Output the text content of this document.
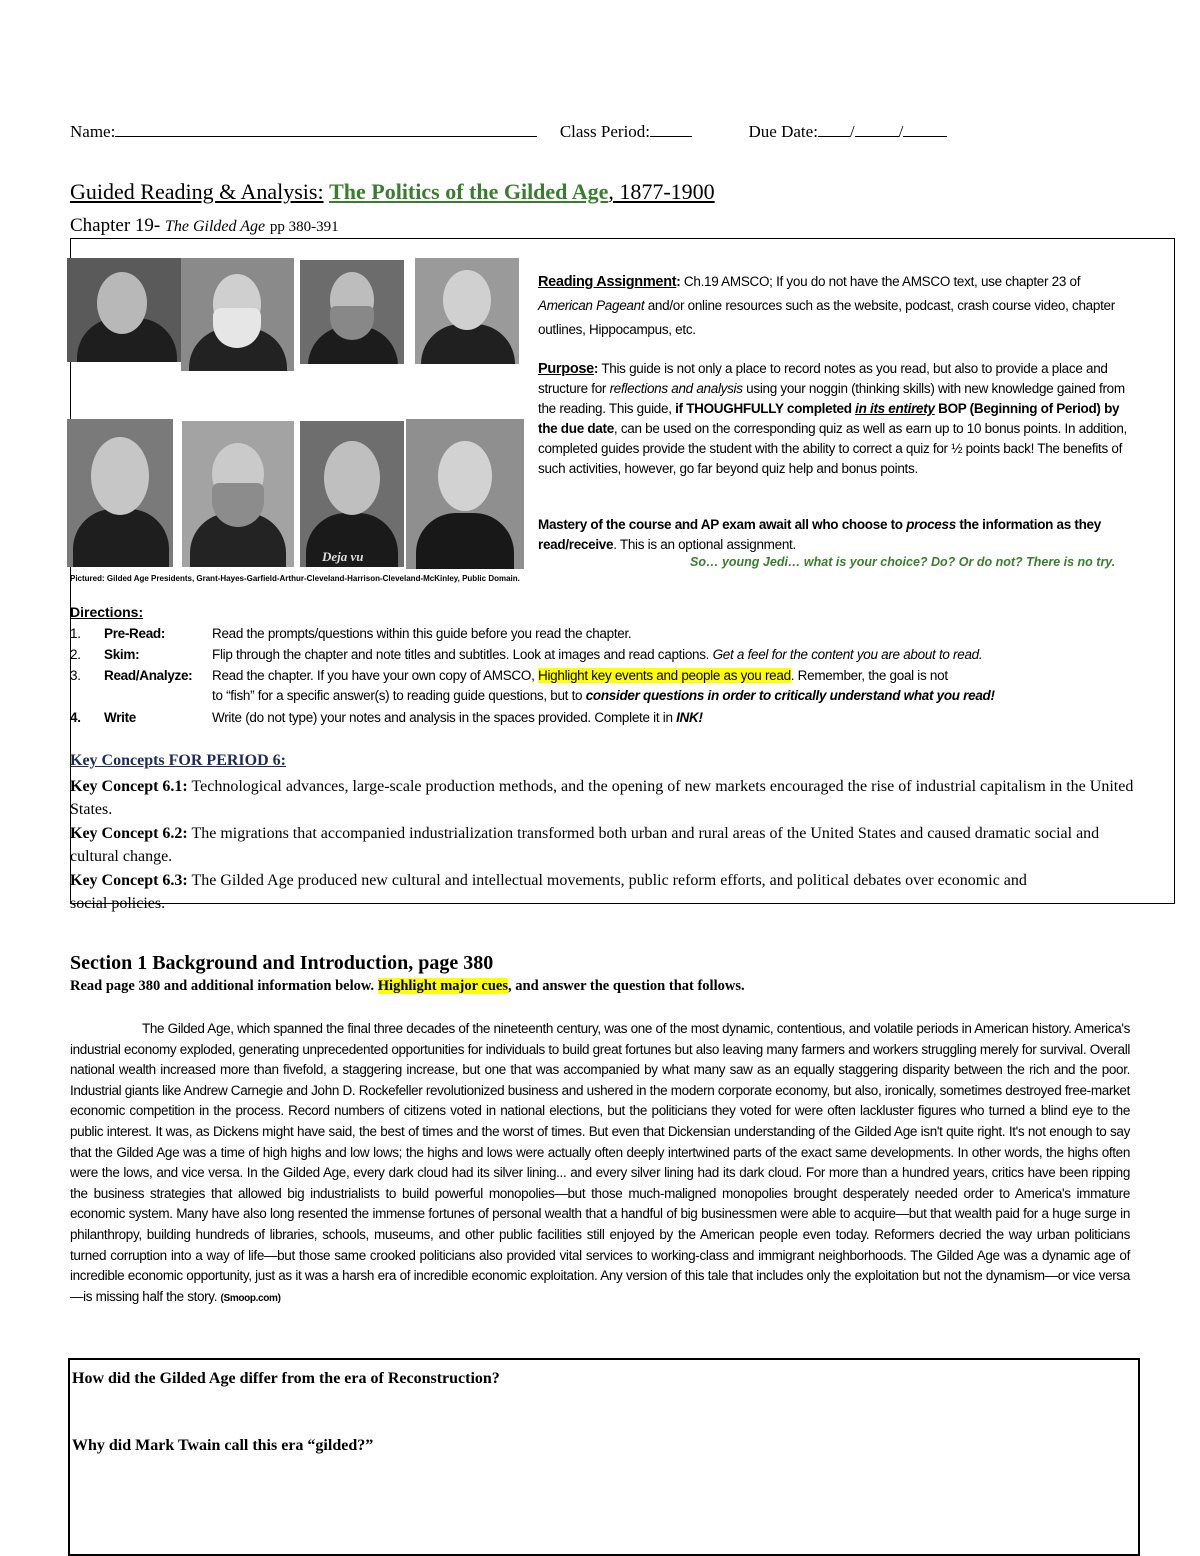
Name:	Class Period:	Due Date: /	/
Guided Reading & Analysis: The Politics of the Gilded Age, 1877-1900
Chapter 19- The Gilded Age pp 380-391
Deja vu
Pictured: Gilded Age Presidents, Grant-Hayes-Garfield-Arthur-Cleveland-Harrison-Cleveland-McKinley, Public Domain.
Reading Assignment: Ch.19 AMSCO; If you do not have the AMSCO text, use chapter 23 of American Pageant and/or online resources such as the website, podcast, crash course video, chapter outlines, Hippocampus, etc.
Purpose: This guide is not only a place to record notes as you read, but also to provide a place and structure for reflections and analysis using your noggin (thinking skills) with new knowledge gained from the reading. This guide, if THOUGHFULLY completed in its entirety BOP (Beginning of Period) by the due date, can be used on the corresponding quiz as well as earn up to 10 bonus points. In addition, completed guides provide the student with the ability to correct a quiz for ½ points back! The benefits of such activities, however, go far beyond quiz help and bonus points.
Mastery of the course and AP exam await all who choose to process the information as they read/receive. This is an optional assignment.
So… young Jedi… what is your choice? Do? Or do not? There is no try.
Directions:
1. Pre-Read:	Read the prompts/questions within this guide before you read the chapter.
2. Skim:	Flip through the chapter and note titles and subtitles. Look at images and read captions. Get a feel for the content you are about to read.
3. Read/Analyze: Read the chapter. If you have your own copy of AMSCO, Highlight key events and people as you read. Remember, the goal is not
to “fish” for a specific answer(s) to reading guide questions, but to consider questions in order to critically understand what you read!
4. Write	Write (do not type) your notes and analysis in the spaces provided. Complete it in INK!
Key Concepts FOR PERIOD 6:
Key Concept 6.1: Technological advances, large-scale production methods, and the opening of new markets encouraged the rise of industrial capitalism in the United States.
Key Concept 6.2: The migrations that accompanied industrialization transformed both urban and rural areas of the United States and caused dramatic social and cultural change.
Key Concept 6.3: The Gilded Age produced new cultural and intellectual movements, public reform efforts, and political debates over economic and social policies.
Section 1 Background and Introduction, page 380
Read page 380 and additional information below. Highlight major cues, and answer the question that follows.
The Gilded Age, which spanned the final three decades of the nineteenth century, was one of the most dynamic, contentious, and volatile periods in American history. America's industrial economy exploded, generating unprecedented opportunities for individuals to build great fortunes but also leaving many farmers and workers struggling merely for survival. Overall national wealth increased more than fivefold, a staggering increase, but one that was accompanied by what many saw as an equally staggering disparity between the rich and the poor. Industrial giants like Andrew Carnegie and John D. Rockefeller revolutionized business and ushered in the modern corporate economy, but also, ironically, sometimes destroyed free-market economic competition in the process. Record numbers of citizens voted in national elections, but the politicians they voted for were often lackluster figures who turned a blind eye to the public interest. It was, as Dickens might have said, the best of times and the worst of times. But even that Dickensian understanding of the Gilded Age isn't quite right. It's not enough to say that the Gilded Age was a time of high highs and low lows; the highs and lows were actually often deeply intertwined parts of the exact same developments. In other words, the highs often were the lows, and vice versa. In the Gilded Age, every dark cloud had its silver lining... and every silver lining had its dark cloud. For more than a hundred years, critics have been ripping the business strategies that allowed big industrialists to build powerful monopolies—but those much-maligned monopolies brought desperately needed order to America's immature economic system. Many have also long resented the immense fortunes of personal wealth that a handful of big businessmen were able to acquire—but that wealth paid for a huge surge in philanthropy, building hundreds of libraries, schools, museums, and other public facilities still enjoyed by the American people even today. Reformers decried the way urban politicians turned corruption into a way of life—but those same crooked politicians also provided vital services to working-class and immigrant neighborhoods. The Gilded Age was a dynamic age of incredible economic opportunity, just as it was a harsh era of incredible economic exploitation. Any version of this tale that includes only the exploitation but not the dynamism—or vice versa—is missing half the story. (Smoop.com)
How did the Gilded Age differ from the era of Reconstruction?
Why did Mark Twain call this era “gilded?”
